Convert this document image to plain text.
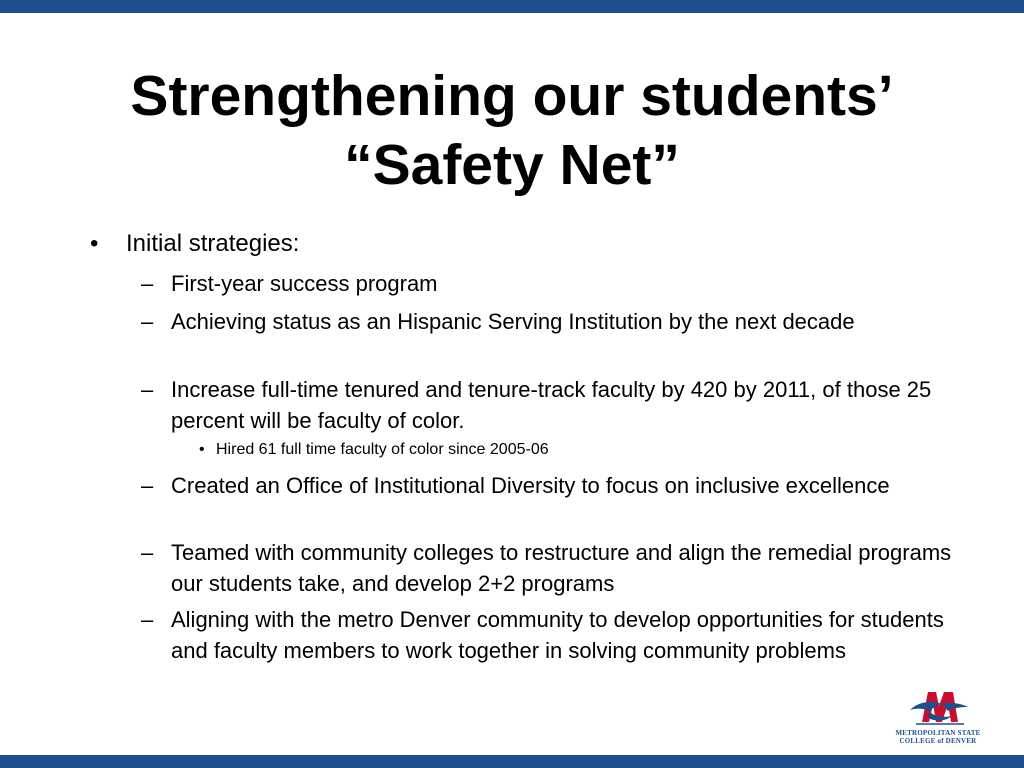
Strengthening our students’
“Safety Net”
• Initial strategies:
– First-year success program
– Achieving status as an Hispanic Serving Institution by the next decade
– Increase full-time tenured and tenure-track faculty by 420 by 2011, of those 25 percent will be faculty of color.
• Hired 61 full time faculty of color since 2005-06
– Created an Office of Institutional Diversity to focus on inclusive excellence
– Teamed with community colleges to restructure and align the remedial programs our students take, and develop 2+2 programs
– Aligning with the metro Denver community to develop opportunities for students and faculty members to work together in solving community problems
METROPOLITAN STATE
COLLEGE of DENVER
